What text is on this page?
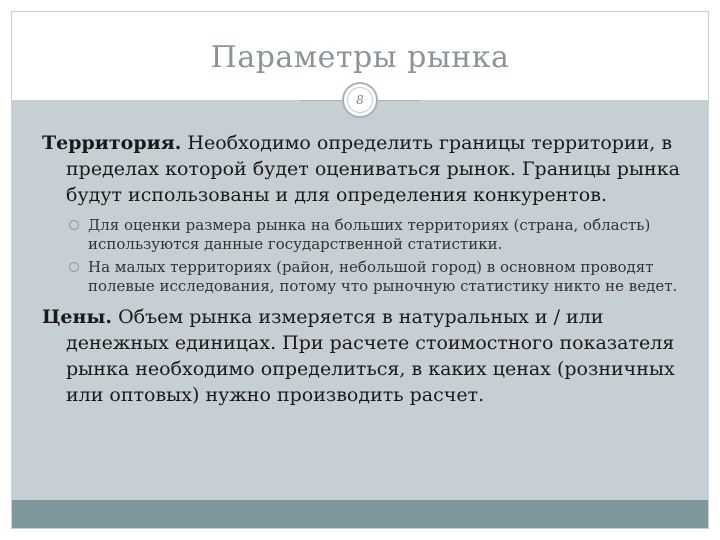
Параметры рынка
8

Территория. Необходимо определить границы территории, в пределах которой будет оцениваться рынок. Границы рынка будут использованы и для определения конкурентов.

Для оценки размера рынка на больших территориях (страна, область) используются данные государственной статистики.
На малых территориях (район, небольшой город) в основном проводят полевые исследования, потому что рыночную статистику никто не ведет.

Цены. Объем рынка измеряется в натуральных и / или денежных единицах. При расчете стоимостного показателя рынка необходимо определиться, в каких ценах (розничных или оптовых) нужно производить расчет.
